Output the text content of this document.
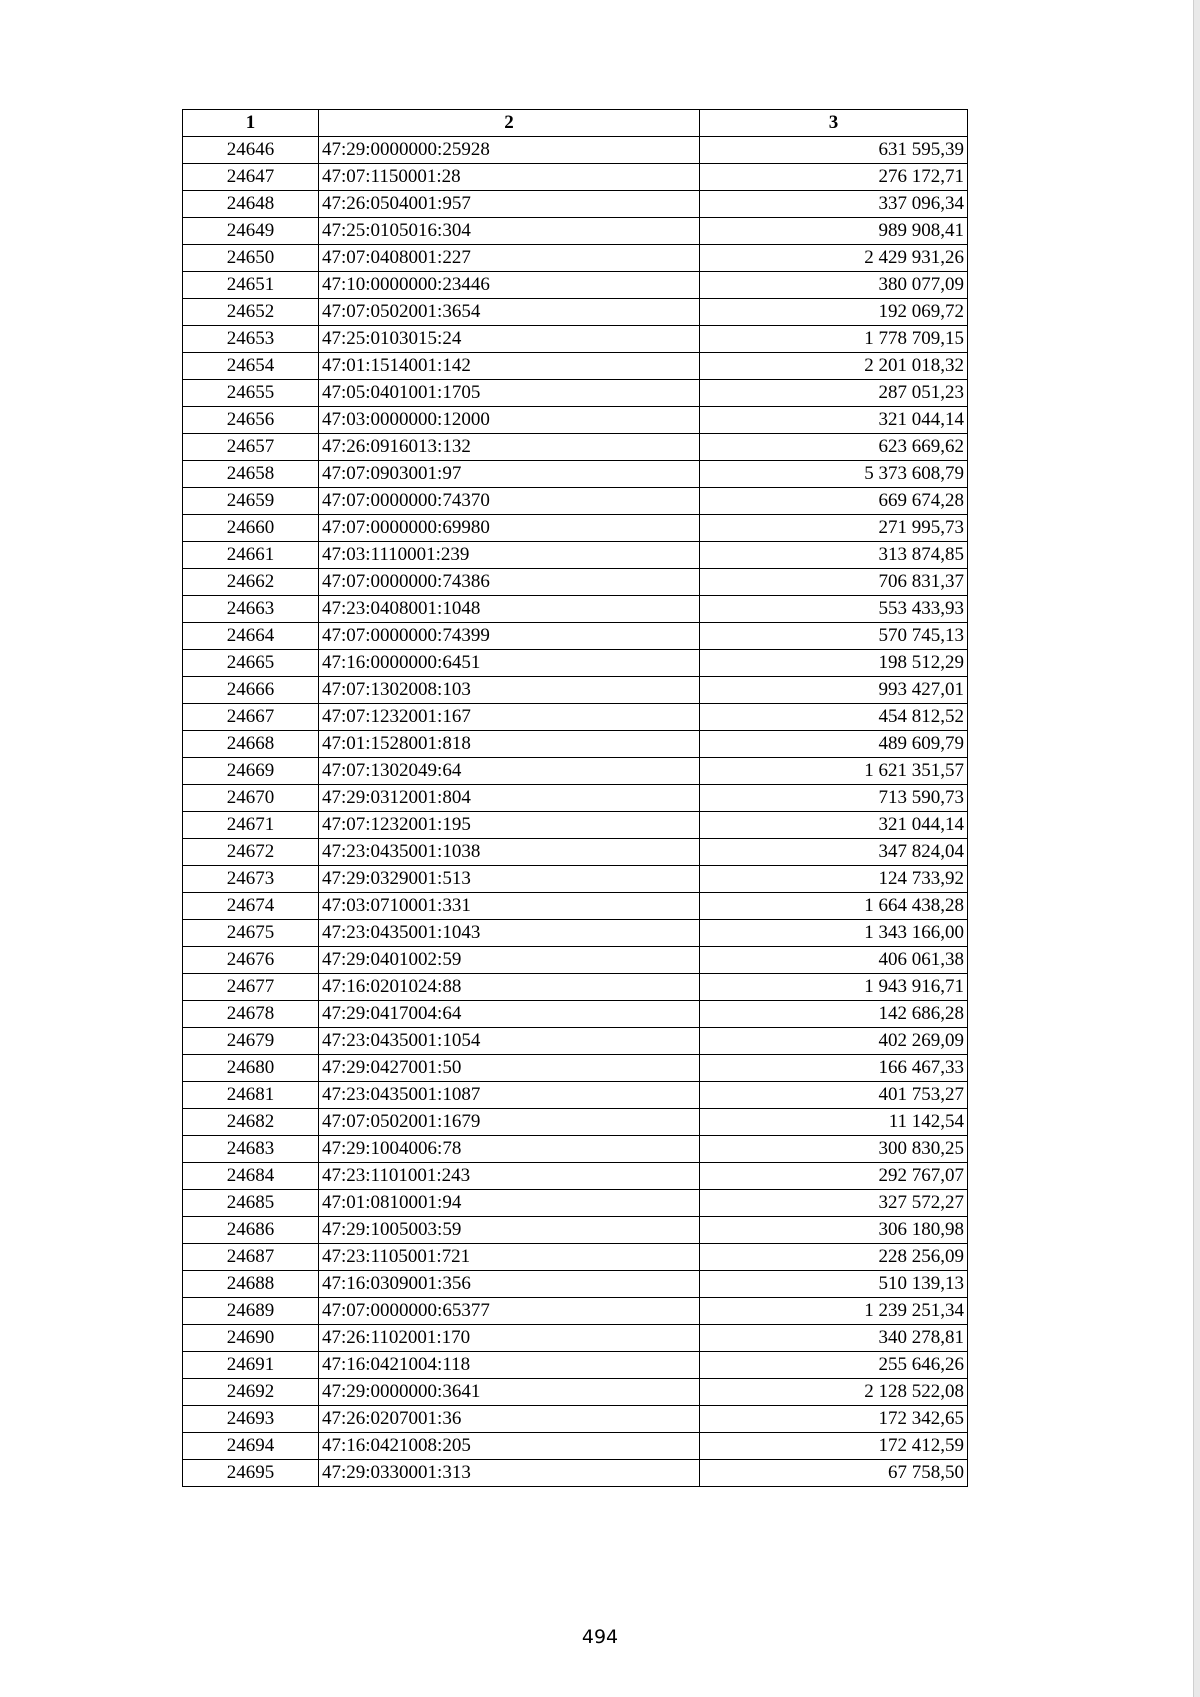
1	2	3
24646	47:29:0000000:25928	631 595,39
24647	47:07:1150001:28	276 172,71
24648	47:26:0504001:957	337 096,34
24649	47:25:0105016:304	989 908,41
24650	47:07:0408001:227	2 429 931,26
24651	47:10:0000000:23446	380 077,09
24652	47:07:0502001:3654	192 069,72
24653	47:25:0103015:24	1 778 709,15
24654	47:01:1514001:142	2 201 018,32
24655	47:05:0401001:1705	287 051,23
24656	47:03:0000000:12000	321 044,14
24657	47:26:0916013:132	623 669,62
24658	47:07:0903001:97	5 373 608,79
24659	47:07:0000000:74370	669 674,28
24660	47:07:0000000:69980	271 995,73
24661	47:03:1110001:239	313 874,85
24662	47:07:0000000:74386	706 831,37
24663	47:23:0408001:1048	553 433,93
24664	47:07:0000000:74399	570 745,13
24665	47:16:0000000:6451	198 512,29
24666	47:07:1302008:103	993 427,01
24667	47:07:1232001:167	454 812,52
24668	47:01:1528001:818	489 609,79
24669	47:07:1302049:64	1 621 351,57
24670	47:29:0312001:804	713 590,73
24671	47:07:1232001:195	321 044,14
24672	47:23:0435001:1038	347 824,04
24673	47:29:0329001:513	124 733,92
24674	47:03:0710001:331	1 664 438,28
24675	47:23:0435001:1043	1 343 166,00
24676	47:29:0401002:59	406 061,38
24677	47:16:0201024:88	1 943 916,71
24678	47:29:0417004:64	142 686,28
24679	47:23:0435001:1054	402 269,09
24680	47:29:0427001:50	166 467,33
24681	47:23:0435001:1087	401 753,27
24682	47:07:0502001:1679	11 142,54
24683	47:29:1004006:78	300 830,25
24684	47:23:1101001:243	292 767,07
24685	47:01:0810001:94	327 572,27
24686	47:29:1005003:59	306 180,98
24687	47:23:1105001:721	228 256,09
24688	47:16:0309001:356	510 139,13
24689	47:07:0000000:65377	1 239 251,34
24690	47:26:1102001:170	340 278,81
24691	47:16:0421004:118	255 646,26
24692	47:29:0000000:3641	2 128 522,08
24693	47:26:0207001:36	172 342,65
24694	47:16:0421008:205	172 412,59
24695	47:29:0330001:313	67 758,50
494
